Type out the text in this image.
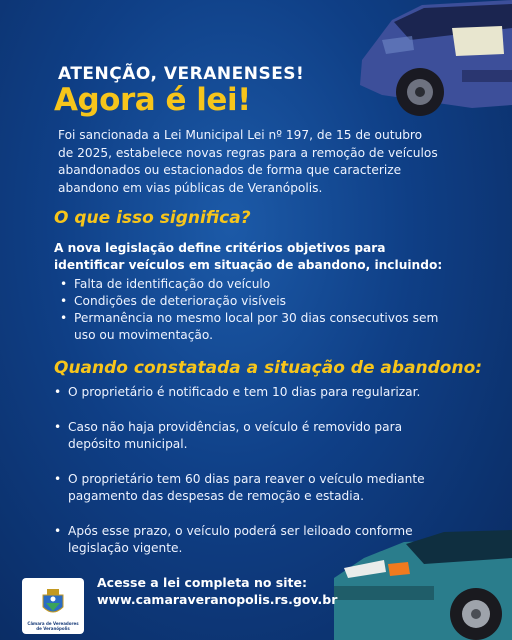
ATENÇÃO, VERANENSES!
Agora é lei!
Foi sancionada a Lei Municipal Lei nº 197, de 15 de outubro de 2025, estabelece novas regras para a remoção de veículos abandonados ou estacionados de forma que caracterize abandono em vias públicas de Veranópolis.
O que isso significa?
A nova legislação define critérios objetivos para identificar veículos em situação de abandono, incluindo:
• Falta de identificação do veículo
• Condições de deterioração visíveis
• Permanência no mesmo local por 30 dias consecutivos sem uso ou movimentação.
Quando constatada a situação de abandono:
• O proprietário é notificado e tem 10 dias para regularizar.
• Caso não haja providências, o veículo é removido para depósito municipal.
• O proprietário tem 60 dias para reaver o veículo mediante pagamento das despesas de remoção e estadia.
• Após esse prazo, o veículo poderá ser leiloado conforme legislação vigente.
Câmara de Vereadores
de Veranópolis
Acesse a lei completa no site:
www.camaraveranopolis.rs.gov.br
